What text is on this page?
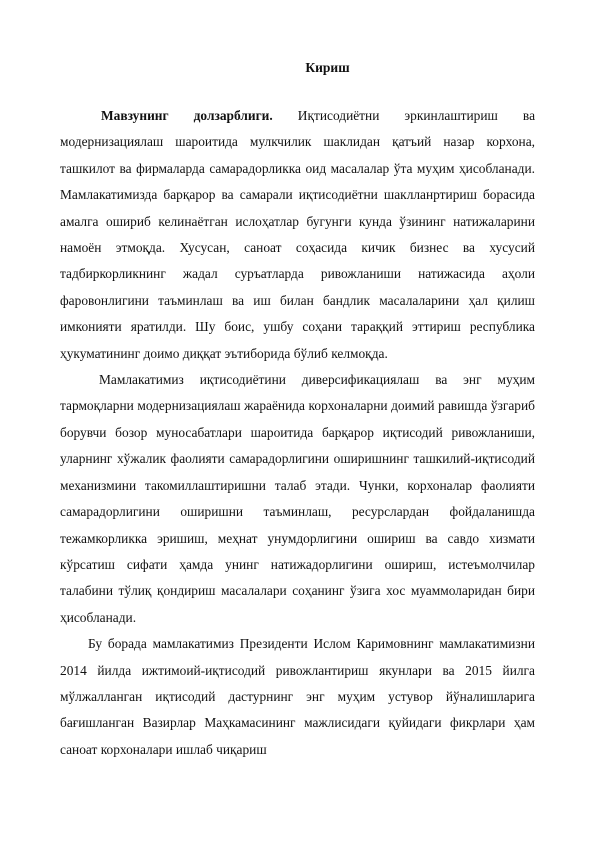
Кириш

Мавзунинг долзарблиги. Иқтисодиётни эркинлаштириш ва модернизациялаш шароитида мулкчилик шаклидан қатъий назар корхона, ташкилот ва фирмаларда самарадорликка оид масалалар ўта муҳим ҳисобланади. Мамлакатимизда барқарор ва самарали иқтисодиётни шаклланртириш борасида амалга ошириб келинаётган ислоҳатлар бугунги кунда ўзининг натижаларини намоён этмоқда. Хусусан, саноат соҳасида кичик бизнес ва хусусий тадбиркорликнинг жадал суръатларда ривожланиши натижасида аҳоли фаровонлигини таъминлаш ва иш билан бандлик масалаларини ҳал қилиш имконияти яратилди. Шу боис, ушбу соҳани тараққий эттириш республика ҳукуматининг доимо диққат эътиборида бўлиб келмоқда.

Мамлакатимиз иқтисодиётини диверсификациялаш ва энг муҳим тармоқларни модернизациялаш жараёнида корхоналарни доимий равишда ўзгариб борувчи бозор муносабатлари шароитида барқарор иқтисодий ривожланиши, уларнинг хўжалик фаолияти самарадорлигини оширишнинг ташкилий-иқтисодий механизмини такомиллаштиришни талаб этади. Чунки, корхоналар фаолияти самарадорлигини оширишни таъминлаш, ресурслардан фойдаланишда тежамкорликка эришиш, меҳнат унумдорлигини ошириш ва савдо хизмати кўрсатиш сифати ҳамда унинг натижадорлигини ошириш, истеъмолчилар талабини тўлиқ қондириш масалалари соҳанинг ўзига хос муаммоларидан бири ҳисобланади.

Бу борада мамлакатимиз Президенти Ислом Каримовнинг мамлакатимизни 2014 йилда ижтимоий-иқтисодий ривожлантириш якунлари ва 2015 йилга мўлжалланган иқтисодий дастурнинг энг муҳим устувор йўналишларига бағишланган Вазирлар Маҳкамасининг мажлисидаги қуйидаги фикрлари ҳам саноат корхоналари ишлаб чиқариш
